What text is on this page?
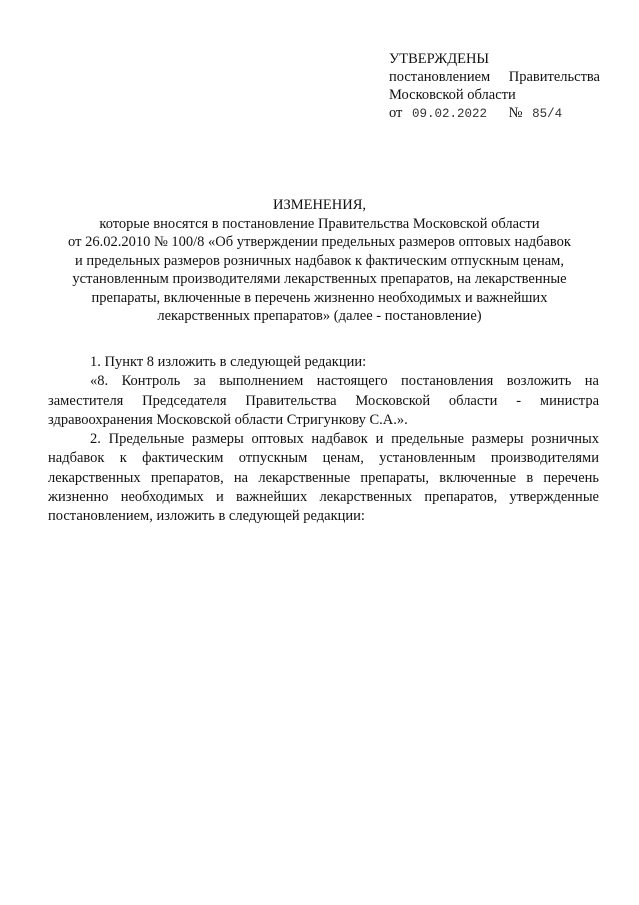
УТВЕРЖДЕНЫ
постановлением Правительства
Московской области
от 09.02.2022 № 85/4
ИЗМЕНЕНИЯ,
которые вносятся в постановление Правительства Московской области
от 26.02.2010 № 100/8 «Об утверждении предельных размеров оптовых надбавок
и предельных размеров розничных надбавок к фактическим отпускным ценам,
установленным производителями лекарственных препаратов, на лекарственные
препараты, включенные в перечень жизненно необходимых и важнейших
лекарственных препаратов» (далее - постановление)

1. Пункт 8 изложить в следующей редакции:

«8. Контроль за выполнением настоящего постановления возложить на заместителя Председателя Правительства Московской области - министра здравоохранения Московской области Стригункову С.А.».

2. Предельные размеры оптовых надбавок и предельные размеры розничных надбавок к фактическим отпускным ценам, установленным производителями лекарственных препаратов, на лекарственные препараты, включенные в перечень жизненно необходимых и важнейших лекарственных препаратов, утвержденные постановлением, изложить в следующей редакции:
